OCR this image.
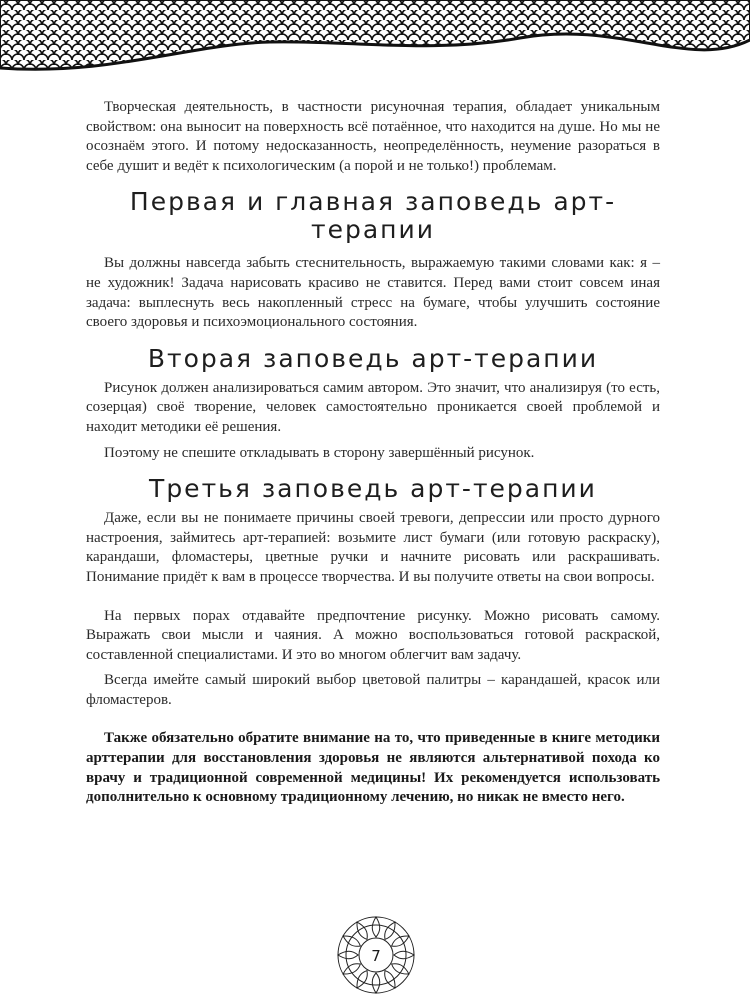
Творческая деятельность, в частности рисуночная терапия, обладает уникальным свойством: она выносит на поверхность всё потаённое, что находится на душе. Но мы не осознаём этого. И потому недосказанность, неопределённость, неумение разораться в себе душит и ведёт к психологическим (а порой и не только!) проблемам.

Первая и главная заповедь арт-терапии

Вы должны навсегда забыть стеснительность, выражаемую такими словами как: я – не художник! Задача нарисовать красиво не ставится. Перед вами стоит совсем иная задача: выплеснуть весь накопленный стресс на бумаге, чтобы улучшить состояние своего здоровья и психоэмоционального состояния.

Вторая заповедь арт-терапии

Рисунок должен анализироваться самим автором. Это значит, что анализируя (то есть, созерцая) своё творение, человек самостоятельно проникается своей проблемой и находит методики её решения.

Поэтому не спешите откладывать в сторону завершённый рисунок.

Третья заповедь арт-терапии

Даже, если вы не понимаете причины своей тревоги, депрессии или просто дурного настроения, займитесь арт-терапией: возьмите лист бумаги (или готовую раскраску), карандаши, фломастеры, цветные ручки и начните рисовать или раскрашивать. Понимание придёт к вам в процессе творчества. И вы получите ответы на свои вопросы.

На первых порах отдавайте предпочтение рисунку. Можно рисовать самому. Выражать свои мысли и чаяния. А можно воспользоваться готовой раскраской, составленной специалистами. И это во многом облегчит вам задачу.

Всегда имейте самый широкий выбор цветовой палитры – карандашей, красок или фломастеров.

Также обязательно обратите внимание на то, что приведенные в книге методики арттерапии для восстановления здоровья не являются альтернативой похода ко врачу и традиционной современной медицины! Их рекомендуется использовать дополнительно к основному традиционному лечению, но никак не вместо него.

7
